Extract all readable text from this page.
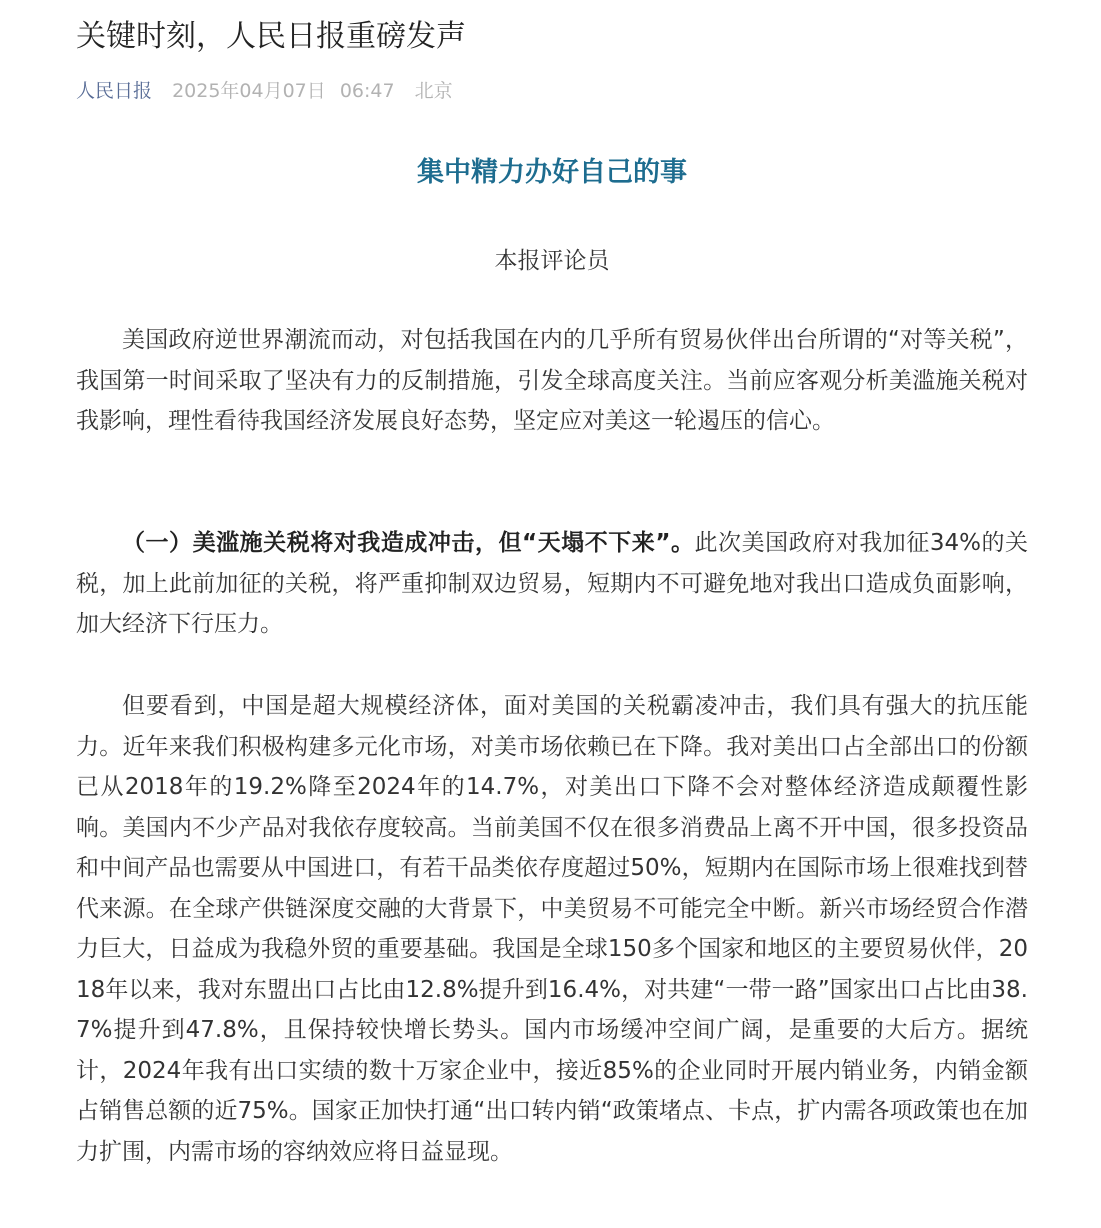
关键时刻，人民日报重磅发声
人民日报 2025年04月07日 06:47 北京
集中精力办好自己的事
本报评论员

美国政府逆世界潮流而动，对包括我国在内的几乎所有贸易伙伴出台所谓的“对等关税”，我国第一时间采取了坚决有力的反制措施，引发全球高度关注。当前应客观分析美滥施关税对我影响，理性看待我国经济发展良好态势，坚定应对美这一轮遏压的信心。

（一）美滥施关税将对我造成冲击，但“天塌不下来”。此次美国政府对我加征34%的关税，加上此前加征的关税，将严重抑制双边贸易，短期内不可避免地对我出口造成负面影响，加大经济下行压力。

但要看到，中国是超大规模经济体，面对美国的关税霸凌冲击，我们具有强大的抗压能力。近年来我们积极构建多元化市场，对美市场依赖已在下降。我对美出口占全部出口的份额已从2018年的19.2%降至2024年的14.7%，对美出口下降不会对整体经济造成颠覆性影响。美国内不少产品对我依存度较高。当前美国不仅在很多消费品上离不开中国，很多投资品和中间产品也需要从中国进口，有若干品类依存度超过50%，短期内在国际市场上很难找到替代来源。在全球产供链深度交融的大背景下，中美贸易不可能完全中断。新兴市场经贸合作潜力巨大，日益成为我稳外贸的重要基础。我国是全球150多个国家和地区的主要贸易伙伴，2018年以来，我对东盟出口占比由12.8%提升到16.4%，对共建“一带一路”国家出口占比由38.7%提升到47.8%，且保持较快增长势头。国内市场缓冲空间广阔，是重要的大后方。据统计，2024年我有出口实绩的数十万家企业中，接近85%的企业同时开展内销业务，内销金额占销售总额的近75%。国家正加快打通“出口转内销“政策堵点、卡点，扩内需各项政策也在加力扩围，内需市场的容纳效应将日益显现。
